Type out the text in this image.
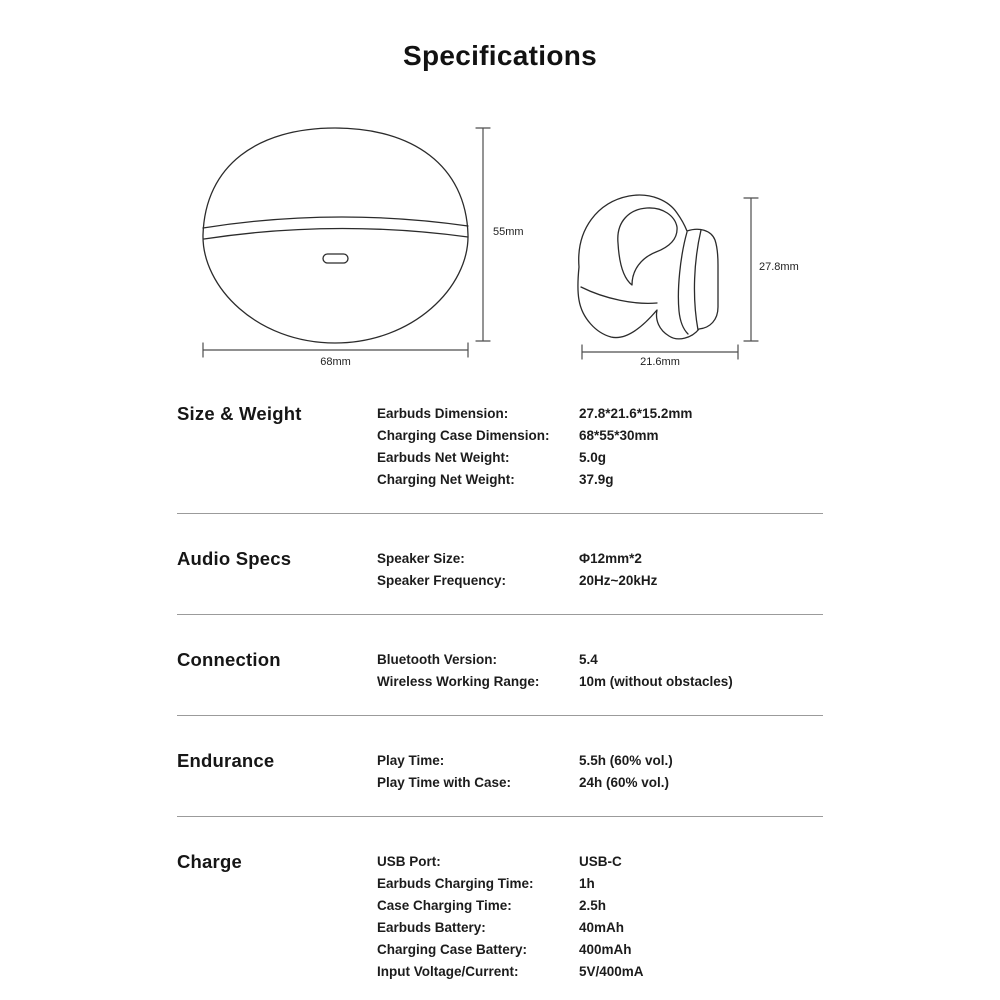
Specifications
55mm
68mm
27.8mm
21.6mm
Size & Weight	Earbuds Dimension:	27.8*21.6*15.2mm
Charging Case Dimension:	68*55*30mm
Earbuds Net Weight:	5.0g
Charging Net Weight:	37.9g
Audio Specs	Speaker Size:	Φ12mm*2
Speaker Frequency:	20Hz~20kHz
Connection	Bluetooth Version:	5.4
Wireless Working Range:	10m (without obstacles)
Endurance	Play Time:	5.5h (60% vol.)
Play Time with Case:	24h (60% vol.)
Charge	USB Port:	USB-C
Earbuds Charging Time:	1h
Case Charging Time:	2.5h
Earbuds Battery:	40mAh
Charging Case Battery:	400mAh
Input Voltage/Current:	5V/400mA
